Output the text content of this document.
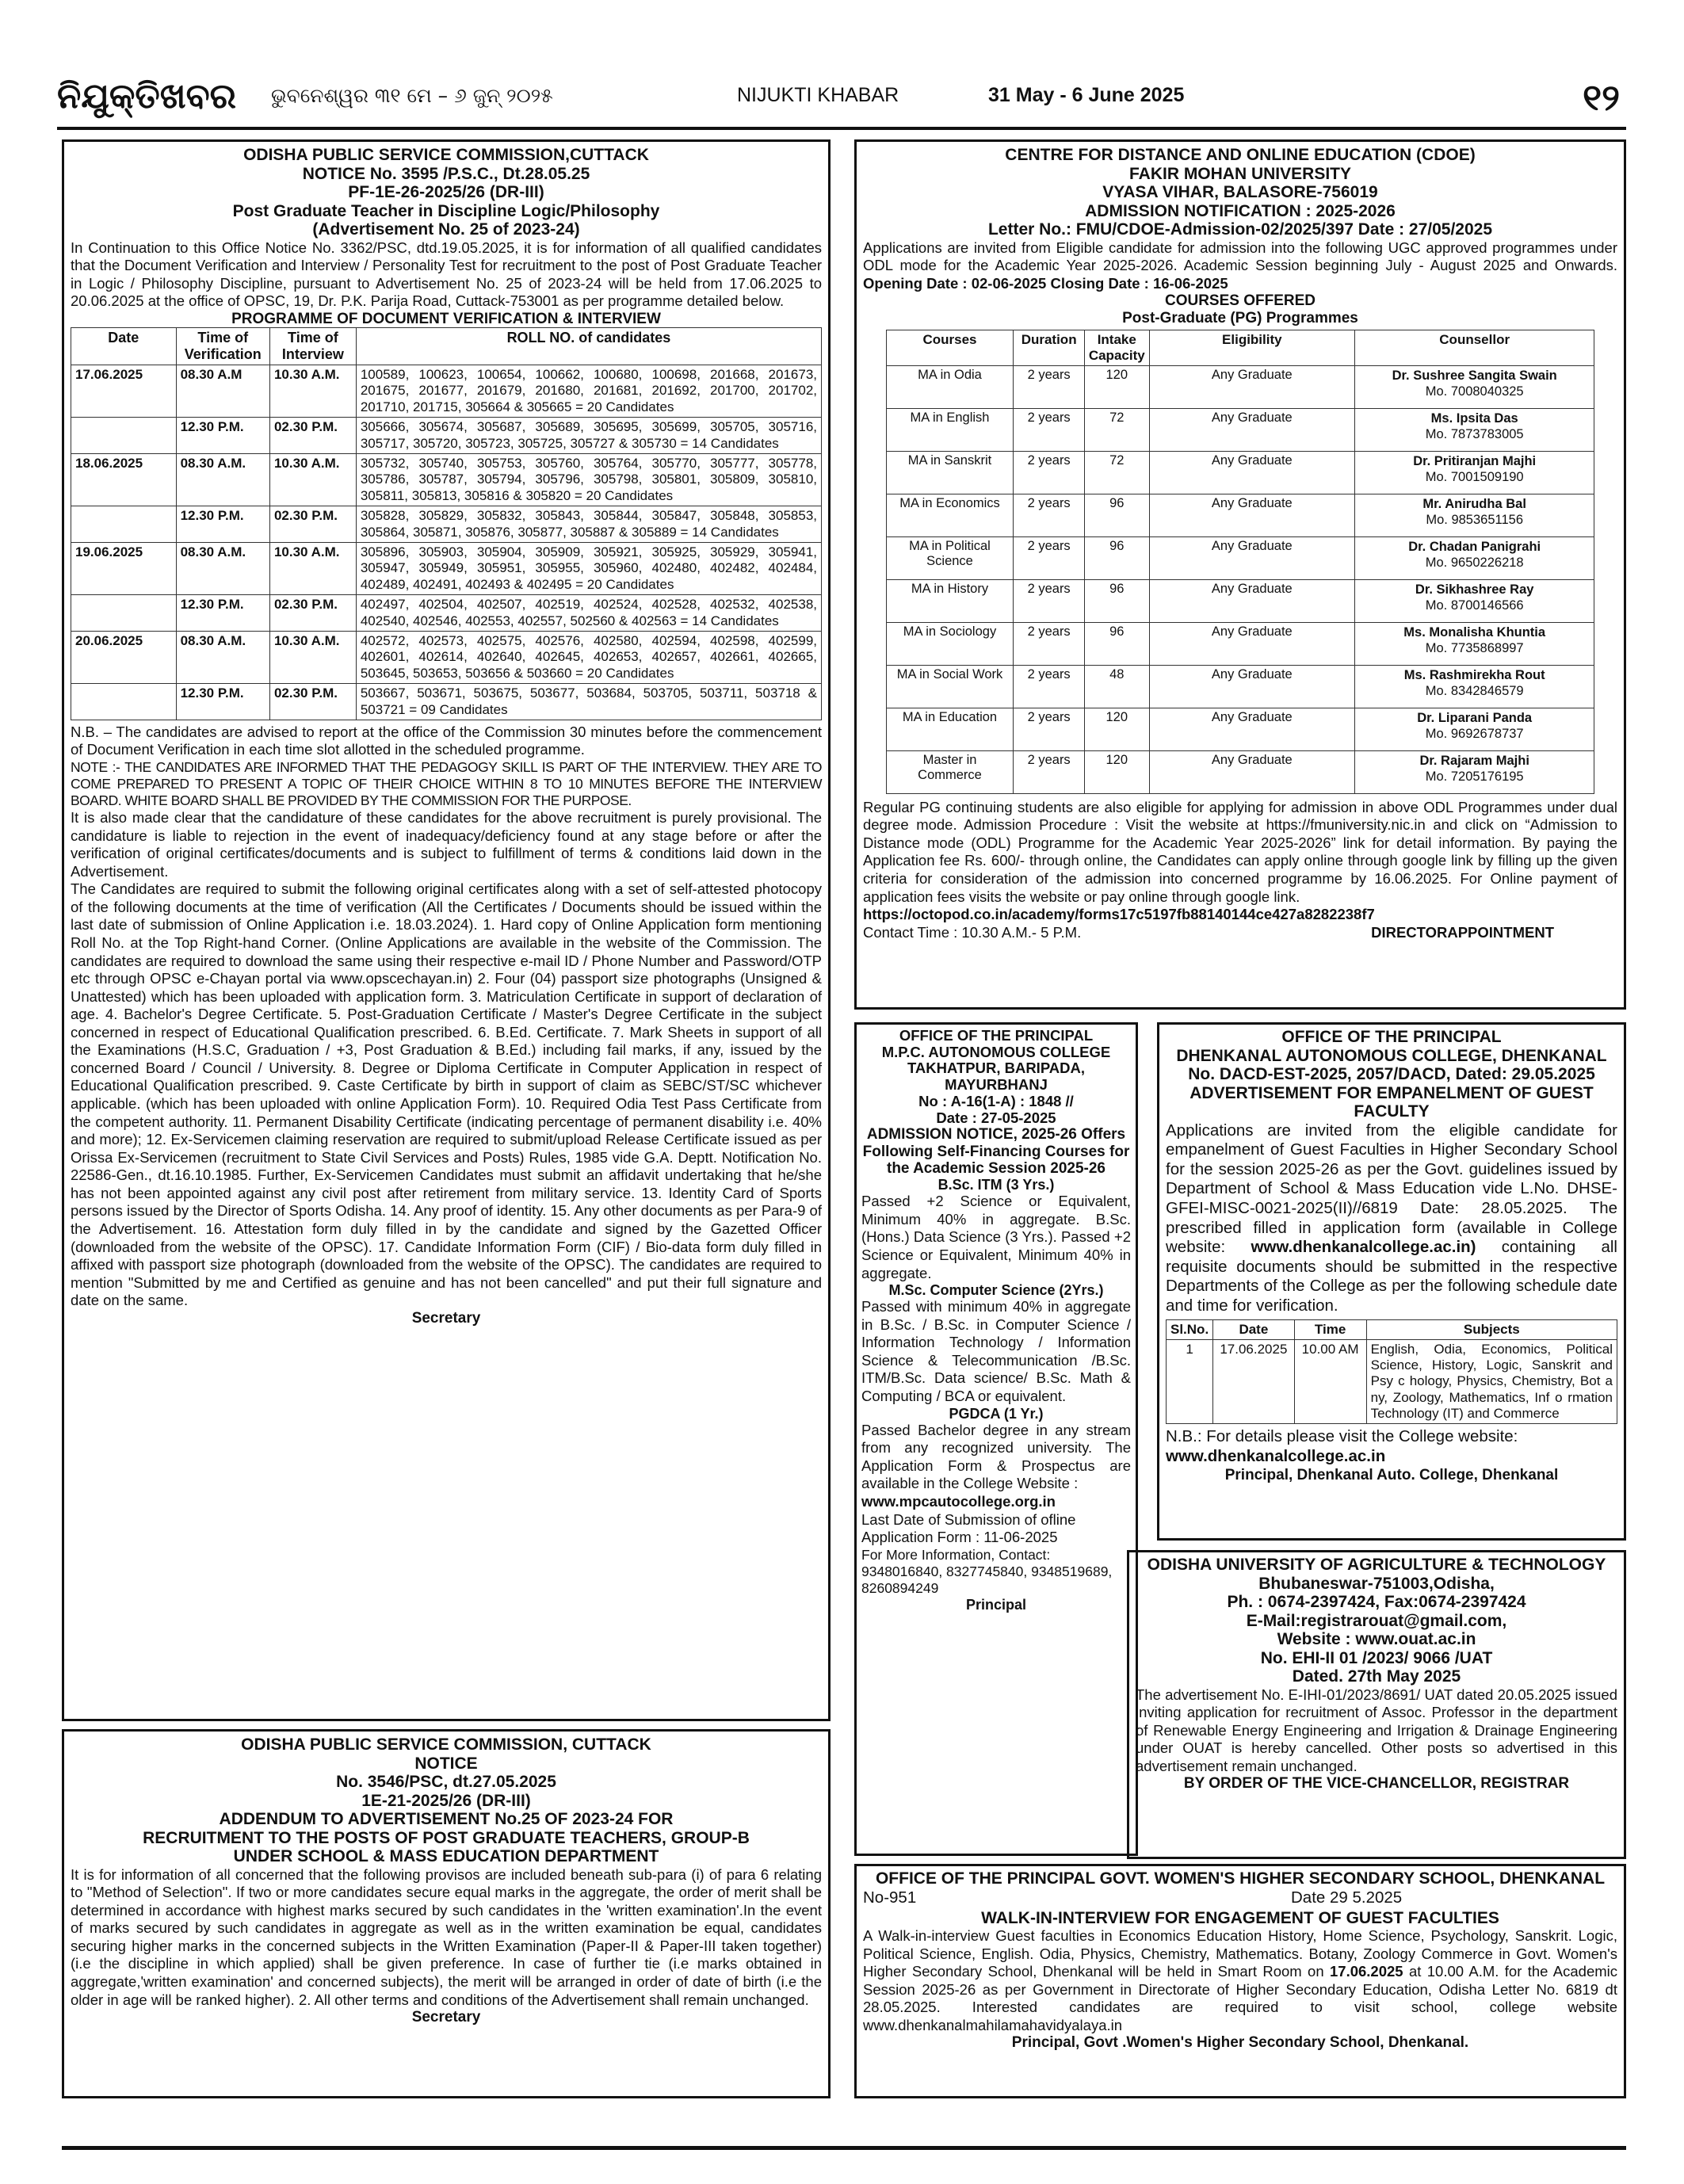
ନିଯୁକ୍ତିଖବର ଭୁବନେଶ୍ୱର ୩୧ ମେ – ୬ ଜୁନ୍ ୨୦୨୫	NIJUKTI KHABAR	31 May - 6 June 2025	୧୨
ODISHA PUBLIC SERVICE COMMISSION,CUTTACK
NOTICE No. 3595 /P.S.C., Dt.28.05.25
PF-1E-26-2025/26 (DR-III)
Post Graduate Teacher in Discipline Logic/Philosophy
(Advertisement No. 25 of 2023-24)
In Continuation to this Office Notice No. 3362/PSC, dtd.19.05.2025, it is for information of all qualified candidates that the Document Verification and Interview / Personality Test for recruitment to the post of Post Graduate Teacher in Logic / Philosophy Discipline, pursuant to Advertisement No. 25 of 2023-24 will be held from 17.06.2025 to 20.06.2025 at the office of OPSC, 19, Dr. P.K. Parija Road, Cuttack-753001 as per programme detailed below.
PROGRAMME OF DOCUMENT VERIFICATION & INTERVIEW
Date	Time of Verification	Time of Interview	ROLL NO. of candidates
17.06.2025	08.30 A.M	10.30 A.M.	100589, 100623, 100654, 100662, 100680, 100698, 201668, 201673, 201675, 201677, 201679, 201680, 201681, 201692, 201700, 201702, 201710, 201715, 305664 & 305665 = 20 Candidates
	12.30 P.M.	02.30 P.M.	305666, 305674, 305687, 305689, 305695, 305699, 305705, 305716, 305717, 305720, 305723, 305725, 305727 & 305730 = 14 Candidates
18.06.2025	08.30 A.M.	10.30 A.M.	305732, 305740, 305753, 305760, 305764, 305770, 305777, 305778, 305786, 305787, 305794, 305796, 305798, 305801, 305809, 305810, 305811, 305813, 305816 & 305820 = 20 Candidates
	12.30 P.M.	02.30 P.M.	305828, 305829, 305832, 305843, 305844, 305847, 305848, 305853, 305864, 305871, 305876, 305877, 305887 & 305889 = 14 Candidates
19.06.2025	08.30 A.M.	10.30 A.M.	305896, 305903, 305904, 305909, 305921, 305925, 305929, 305941, 305947, 305949, 305951, 305955, 305960, 402480, 402482, 402484, 402489, 402491, 402493 & 402495 = 20 Candidates
	12.30 P.M.	02.30 P.M.	402497, 402504, 402507, 402519, 402524, 402528, 402532, 402538, 402540, 402546, 402553, 402557, 502560 & 402563 = 14 Candidates
20.06.2025	08.30 A.M.	10.30 A.M.	402572, 402573, 402575, 402576, 402580, 402594, 402598, 402599, 402601, 402614, 402640, 402645, 402653, 402657, 402661, 402665, 503645, 503653, 503656 & 503660 = 20 Candidates
	12.30 P.M.	02.30 P.M.	503667, 503671, 503675, 503677, 503684, 503705, 503711, 503718 & 503721 = 09 Candidates
N.B. – The candidates are advised to report at the office of the Commission 30 minutes before the commencement of Document Verification in each time slot allotted in the scheduled programme.
NOTE :- THE CANDIDATES ARE INFORMED THAT THE PEDAGOGY SKILL IS PART OF THE INTERVIEW. THEY ARE TO COME PREPARED TO PRESENT A TOPIC OF THEIR CHOICE WITHIN 8 TO 10 MINUTES BEFORE THE INTERVIEW BOARD. WHITE BOARD SHALL BE PROVIDED BY THE COMMISSION FOR THE PURPOSE.
It is also made clear that the candidature of these candidates for the above recruitment is purely provisional. The candidature is liable to rejection in the event of inadequacy/deficiency found at any stage before or after the verification of original certificates/documents and is subject to fulfillment of terms & conditions laid down in the Advertisement.
The Candidates are required to submit the following original certificates along with a set of self-attested photocopy of the following documents at the time of verification (All the Certificates / Documents should be issued within the last date of submission of Online Application i.e. 18.03.2024). 1. Hard copy of Online Application form mentioning Roll No. at the Top Right-hand Corner. (Online Applications are available in the website of the Commission. The candidates are required to download the same using their respective e-mail ID / Phone Number and Password/OTP etc through OPSC e-Chayan portal via www.opscechayan.in) 2. Four (04) passport size photographs (Unsigned & Unattested) which has been uploaded with application form. 3. Matriculation Certificate in support of declaration of age. 4. Bachelor's Degree Certificate. 5. Post-Graduation Certificate / Master's Degree Certificate in the subject concerned in respect of Educational Qualification prescribed. 6. B.Ed. Certificate. 7. Mark Sheets in support of all the Examinations (H.S.C, Graduation / +3, Post Graduation & B.Ed.) including fail marks, if any, issued by the concerned Board / Council / University. 8. Degree or Diploma Certificate in Computer Application in respect of Educational Qualification prescribed. 9. Caste Certificate by birth in support of claim as SEBC/ST/SC whichever applicable. (which has been uploaded with online Application Form). 10. Required Odia Test Pass Certificate from the competent authority. 11. Permanent Disability Certificate (indicating percentage of permanent disability i.e. 40% and more); 12. Ex-Servicemen claiming reservation are required to submit/upload Release Certificate issued as per Orissa Ex-Servicemen (recruitment to State Civil Services and Posts) Rules, 1985 vide G.A. Deptt. Notification No. 22586-Gen., dt.16.10.1985. Further, Ex-Servicemen Candidates must submit an affidavit undertaking that he/she has not been appointed against any civil post after retirement from military service. 13. Identity Card of Sports persons issued by the Director of Sports Odisha. 14. Any proof of identity. 15. Any other documents as per Para-9 of the Advertisement. 16. Attestation form duly filled in by the candidate and signed by the Gazetted Officer (downloaded from the website of the OPSC). 17. Candidate Information Form (CIF) / Bio-data form duly filled in affixed with passport size photograph (downloaded from the website of the OPSC). The candidates are required to mention "Submitted by me and Certified as genuine and has not been cancelled" and put their full signature and date on the same.
Secretary
ODISHA PUBLIC SERVICE COMMISSION, CUTTACK
NOTICE
No. 3546/PSC, dt.27.05.2025
1E-21-2025/26 (DR-III)
ADDENDUM TO ADVERTISEMENT No.25 OF 2023-24 FOR
RECRUITMENT TO THE POSTS OF POST GRADUATE TEACHERS, GROUP-B
UNDER SCHOOL & MASS EDUCATION DEPARTMENT
It is for information of all concerned that the following provisos are included beneath sub-para (i) of para 6 relating to "Method of Selection". If two or more candidates secure equal marks in the aggregate, the order of merit shall be determined in accordance with highest marks secured by such candidates in the 'written examination'.In the event of marks secured by such candidates in aggregate as well as in the written examination be equal, candidates securing higher marks in the concerned subjects in the Written Examination (Paper-II & Paper-III taken together) (i.e the discipline in which applied) shall be given preference. In case of further tie (i.e marks obtained in aggregate,'written examination' and concerned subjects), the merit will be arranged in order of date of birth (i.e the older in age will be ranked higher). 2. All other terms and conditions of the Advertisement shall remain unchanged.
Secretary
CENTRE FOR DISTANCE AND ONLINE EDUCATION (CDOE)
FAKIR MOHAN UNIVERSITY
VYASA VIHAR, BALASORE-756019
ADMISSION NOTIFICATION : 2025-2026
Letter No.: FMU/CDOE-Admission-02/2025/397 Date : 27/05/2025
Applications are invited from Eligible candidate for admission into the following UGC approved programmes under ODL mode for the Academic Year 2025-2026. Academic Session beginning July - August 2025 and Onwards. Opening Date : 02-06-2025 Closing Date : 16-06-2025
COURSES OFFERED
Post-Graduate (PG) Programmes
Courses	Duration	Intake Capacity	Eligibility	Counsellor
MA in Odia	2 years	120	Any Graduate	Dr. Sushree Sangita Swain
Mo. 7008040325

MA in English	2 years	72	Any Graduate	Ms. Ipsita Das
Mo. 7873783005

MA in Sanskrit	2 years	72	Any Graduate	Dr. Pritiranjan Majhi
Mo. 7001509190

MA in Economics	2 years	96	Any Graduate	Mr. Anirudha Bal
Mo. 9853651156

MA in Political Science	2 years	96	Any Graduate	Dr. Chadan Panigrahi
Mo. 9650226218

MA in History	2 years	96	Any Graduate	Dr. Sikhashree Ray
Mo. 8700146566

MA in Sociology	2 years	96	Any Graduate	Ms. Monalisha Khuntia
Mo. 7735868997

MA in Social Work	2 years	48	Any Graduate	Ms. Rashmirekha Rout
Mo. 8342846579

MA in Education	2 years	120	Any Graduate	Dr. Liparani Panda
Mo. 9692678737

Master in Commerce	2 years	120	Any Graduate	Dr. Rajaram Majhi
Mo. 7205176195
Regular PG continuing students are also eligible for applying for admission in above ODL Programmes under dual degree mode. Admission Procedure : Visit the website at https://fmuniversity.nic.in and click on “Admission to Distance mode (ODL) Programme for the Academic Year 2025-2026” link for detail information. By paying the Application fee Rs. 600/- through online, the Candidates can apply online through google link by filling up the given criteria for consideration of the admission into concerned programme by 16.06.2025. For Online payment of application fees visits the website or pay online through google link.
https://octopod.co.in/academy/forms17c5197fb88140144ce427a8282238f7
Contact Time : 10.30 A.M.- 5 P.M.	DIRECTORAPPOINTMENT
OFFICE OF THE PRINCIPAL
M.P.C. AUTONOMOUS COLLEGE
TAKHATPUR, BARIPADA, MAYURBHANJ
No : A-16(1-A) : 1848 //
Date : 27-05-2025
ADMISSION NOTICE, 2025-26 Offers Following Self-Financing Courses for the Academic Session 2025-26
B.Sc. ITM (3 Yrs.)
Passed +2 Science or Equivalent, Minimum 40% in aggregate. B.Sc. (Hons.) Data Science (3 Yrs.). Passed +2 Science or Equivalent, Minimum 40% in aggregate.
M.Sc. Computer Science (2Yrs.)
Passed with minimum 40% in aggregate in B.Sc. / B.Sc. in Computer Science / Information Technology / Information Science & Telecommunication /B.Sc. ITM/B.Sc. Data science/ B.Sc. Math & Computing / BCA or equivalent.
PGDCA (1 Yr.)
Passed Bachelor degree in any stream from any recognized university. The Application Form & Prospectus are available in the College Website :
www.mpcautocollege.org.in
Last Date of Submission of ofline Application Form : 11-06-2025
For More Information, Contact: 9348016840, 8327745840, 9348519689, 8260894249
Principal
OFFICE OF THE PRINCIPAL
DHENKANAL AUTONOMOUS COLLEGE, DHENKANAL
No. DACD-EST-2025, 2057/DACD, Dated: 29.05.2025
ADVERTISEMENT FOR EMPANELMENT OF GUEST FACULTY
Applications are invited from the eligible candidate for empanelment of Guest Faculties in Higher Secondary School for the session 2025-26 as per the Govt. guidelines issued by Department of School & Mass Education vide L.No. DHSE-GFEI-MISC-0021-2025(II)//6819 Date: 28.05.2025. The prescribed filled in application form (available in College website: www.dhenkanalcollege.ac.in) containing all requisite documents should be submitted in the respective Departments of the College as per the following schedule date and time for verification.
Sl.No.	Date	Time	Subjects
1	17.06.2025	10.00 AM	English, Odia, Economics, Political Science, History, Logic, Sanskrit and Psy c hology, Physics, Chemistry, Bot a ny, Zoology, Mathematics, Inf o rmation Technology (IT) and Commerce
N.B.: For details please visit the College website:
www.dhenkanalcollege.ac.in
Principal, Dhenkanal Auto. College, Dhenkanal
ODISHA UNIVERSITY OF AGRICULTURE & TECHNOLOGY
Bhubaneswar-751003,Odisha,
Ph. : 0674-2397424, Fax:0674-2397424
E-Mail:registrarouat@gmail.com,
Website : www.ouat.ac.in
No. EHI-II 01 /2023/ 9066 /UAT
Dated. 27th May 2025
The advertisement No. E-IHI-01/2023/8691/ UAT dated 20.05.2025 issued inviting application for recruitment of Assoc. Professor in the department of Renewable Energy Engineering and Irrigation & Drainage Engineering under OUAT is hereby cancelled. Other posts so advertised in this advertisement remain unchanged.
BY ORDER OF THE VICE-CHANCELLOR, REGISTRAR
OFFICE OF THE PRINCIPAL GOVT. WOMEN'S HIGHER SECONDARY SCHOOL, DHENKANAL
No-951	Date 29 5.2025
WALK-IN-INTERVIEW FOR ENGAGEMENT OF GUEST FACULTIES
A Walk-in-interview Guest faculties in Economics Education History, Home Science, Psychology, Sanskrit. Logic, Political Science, English. Odia, Physics, Chemistry, Mathematics. Botany, Zoology Commerce in Govt. Women's Higher Secondary School, Dhenkanal will be held in Smart Room on 17.06.2025 at 10.00 A.M. for the Academic Session 2025-26 as per Government in Directorate of Higher Secondary Education, Odisha Letter No. 6819 dt 28.05.2025. Interested candidates are required to visit school, college website www.dhenkanalmahilamahavidyalaya.in
Principal, Govt .Women's Higher Secondary School, Dhenkanal.
